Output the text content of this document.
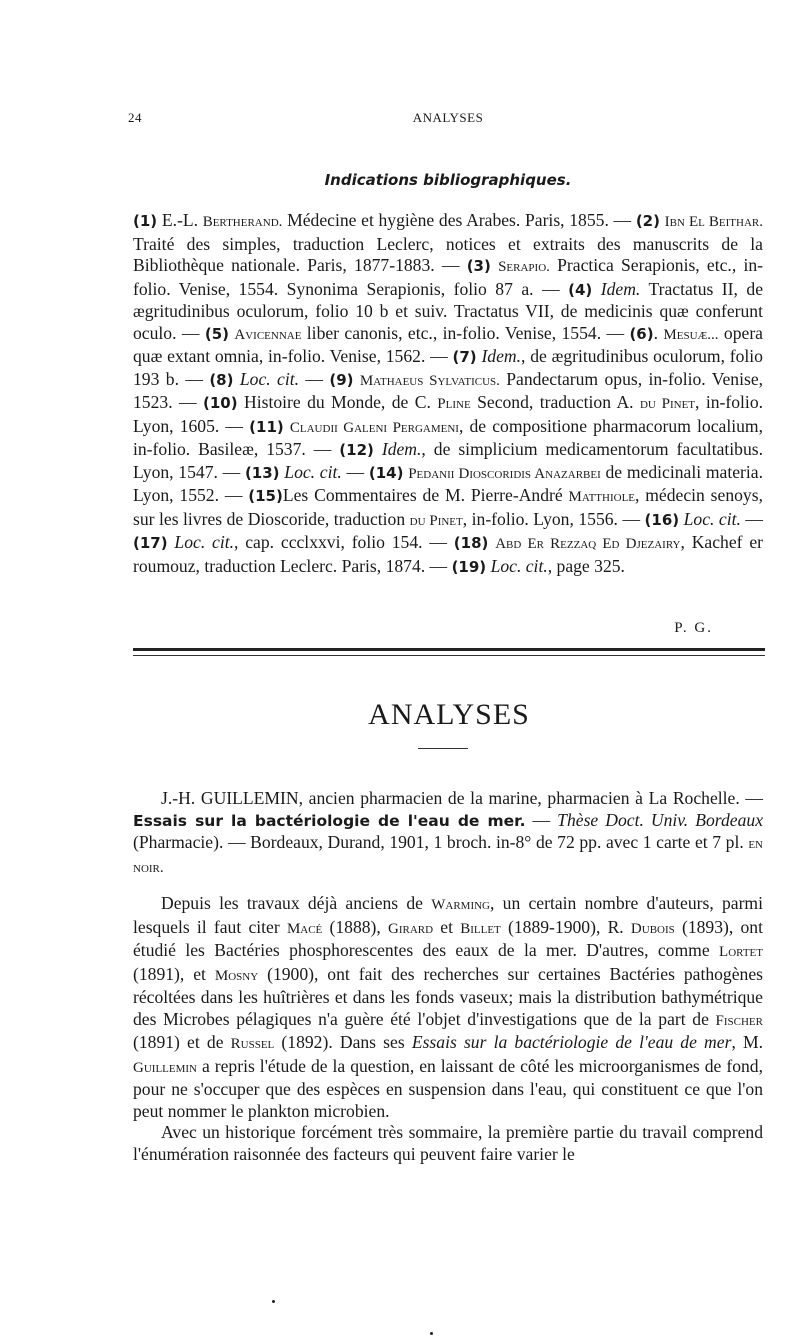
24	ANALYSES
Indications bibliographiques.

(1) E.-L. Bertherand. Médecine et hygiène des Arabes. Paris, 1855. — (2) Ibn El Beithar. Traité des simples, traduction Leclerc, notices et extraits des manuscrits de la Bibliothèque nationale. Paris, 1877-1883. — (3) Serapio. Practica Serapionis, etc., in-folio. Venise, 1554. Synonima Serapionis, folio 87 a. — (4) Idem. Tractatus II, de ægritudinibus oculorum, folio 10 b et suiv. Tractatus VII, de medicinis quæ conferunt oculo. — (5) Avicennae liber canonis, etc., in-folio. Venise, 1554. — (6). Mesuæ... opera quæ extant omnia, in-folio. Venise, 1562. — (7) Idem., de ægritudinibus oculorum, folio 193 b. — (8) Loc. cit. — (9) Mathaeus Sylvaticus. Pandectarum opus, in-folio. Venise, 1523. — (10) Histoire du Monde, de C. Pline Second, traduction A. du Pinet, in-folio. Lyon, 1605. — (11) Claudii Galeni Pergameni, de compositione pharmacorum localium, in-folio. Basileæ, 1537. — (12) Idem., de simplicium medicamentorum facultatibus. Lyon, 1547. — (13) Loc. cit. — (14) Pedanii Dioscoridis Anazarbei de medicinali materia. Lyon, 1552. — (15)Les Commentaires de M. Pierre-André Matthiole, médecin senoys, sur les livres de Dioscoride, traduction du Pinet, in-folio. Lyon, 1556. — (16) Loc. cit. — (17) Loc. cit., cap. ccclxxvi, folio 154. — (18) Abd Er Rezzaq Ed Djezairy, Kachef er roumouz, traduction Leclerc. Paris, 1874. — (19) Loc. cit., page 325.

P. G.
ANALYSES

J.-H. GUILLEMIN, ancien pharmacien de la marine, pharmacien à La Rochelle. — Essais sur la bactériologie de l'eau de mer. — Thèse Doct. Univ. Bordeaux (Pharmacie). — Bordeaux, Durand, 1901, 1 broch. in-8° de 72 pp. avec 1 carte et 7 pl. en noir.

Depuis les travaux déjà anciens de Warming, un certain nombre d'auteurs, parmi lesquels il faut citer Macé (1888), Girard et Billet (1889-1900), R. Dubois (1893), ont étudié les Bactéries phosphorescentes des eaux de la mer. D'autres, comme Lortet (1891), et Mosny (1900), ont fait des recherches sur certaines Bactéries pathogènes récoltées dans les huîtrières et dans les fonds vaseux; mais la distribution bathymétrique des Microbes pélagiques n'a guère été l'objet d'investigations que de la part de Fischer (1891) et de Russel (1892). Dans ses Essais sur la bactériologie de l'eau de mer, M. Guillemin a repris l'étude de la question, en laissant de côté les microorganismes de fond, pour ne s'occuper que des espèces en suspension dans l'eau, qui constituent ce que l'on peut nommer le plankton microbien.

Avec un historique forcément très sommaire, la première partie du travail comprend l'énumération raisonnée des facteurs qui peuvent faire varier le
